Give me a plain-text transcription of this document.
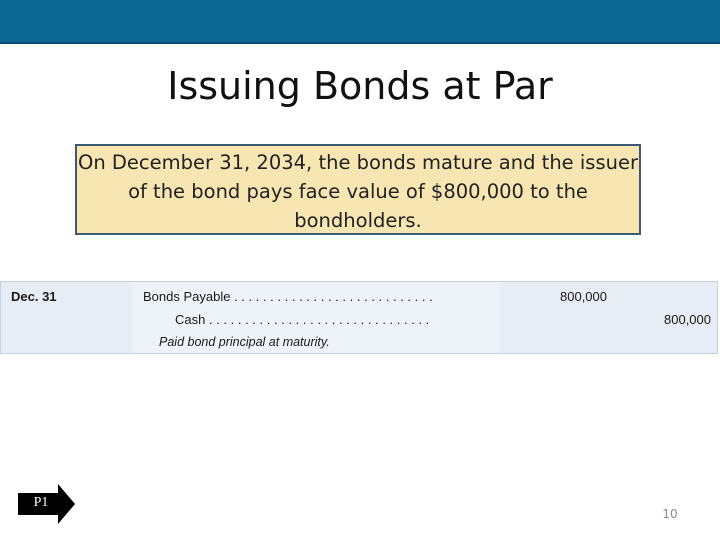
Issuing Bonds at Par
On December 31, 2034, the bonds mature and the issuer of the bond pays face value of $800,000 to the bondholders.
Dec. 31	Bonds Payable . . . . . . . . . . . . . . . . . . . . . . . . . . . .
Cash . . . . . . . . . . . . . . . . . . . . . . . . . . . . . . .
Paid bond principal at maturity.
800,000
800,000
P1
10
